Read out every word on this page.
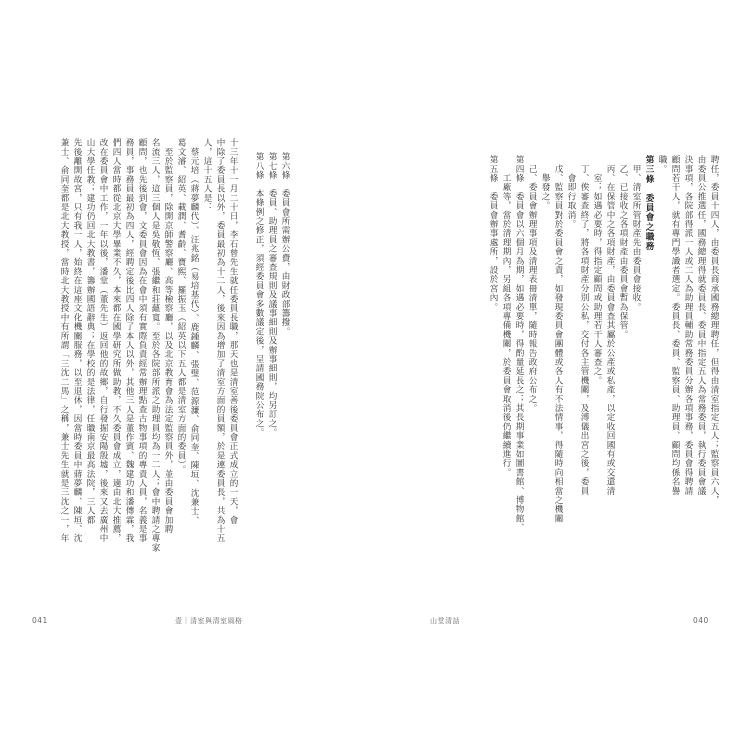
第六條　委員會所需辦公費，由財政部籌撥。
第七條　委員、助理員之審查規則及議事細則及辦事細則，均另訂之。
第八條　本條例之修正，須經委員會多數議定後，呈請國務院公布之。
十三年十一月二十日，李石曾先生就任委員長職，那天也是清室善後委員會正式成立的一天，會
中除了委員長以外，委員最初為十二人，後來因為增加了清室方面的員額，於是連委員長，共為十五
人，這十五人是：
　蔡元培（蔣夢麟代）、汪兆銘（易培基代）、鹿鍾麟、張璧、范源濂、俞同奎、陳垣、沈兼士、
葛文濬、紹英、載潤、耆齡、寶熙、羅振玉（紹英以下五人都是清室方面的委員）。
　至於監察員，除開京師警察廳、高等檢察廳，以及北京教育會為法定監察員外，並由委員會加聘
名流三人，這三個人是吳敬恆、張繼和莊蘊寬。至於各院部所派之助理員均為一二人；會中聘請之專家
顧問，也先後到會，文委員會因為在會中須有實際負責經常辦理點查古物事項的專責人員，名義是事
務員，事務員最初為四人，經聘定後比四人除了本人以外，其他三人是董作賓、魏建功和潘傳霖，我
們四人當時都從北京大學畢業不久，本來都在國學研究所做助教，不久委員會成立，適由北大推薦，
改在委員會中工作，一年以後，潘堂（董先生）返回他的故鄉，自行發掘安陽殷墟，後來又去廣州中
山大學任教；建功仍回北大教書，籌辦國語辭典；在學校的是法律，任職南京最高法院，三人都
先後離開故宮，只有我一人，始終在這座文化機關服務，以至退休，因當時委員中蔣夢麟、陳垣、沈
兼士、俞同奎都是北大教授，當時北大教授中有所謂「三沈二馬」之稱，兼士先生就是三沈之一，年
041	壹｜清室與清室風格
聘任，委員十四人，由委員長商承國務總理聘任，但得由清室指定五人；監察員六人，
由委員公推選任，國務總理得就委員長、委員中指定五人為常務委員，執行委員會議
決事項，各院部得派一人或二人為助理員輔助常務委員分辦各項事務，委員會得聘請
顧問若干人，就有專門學識者選定。委員長、委員、監察員、助理員、顧問均係名譽
職。
第三條　委員會之職務
　甲、清室所管財產先由委員會接收。
　乙、已接收之各項財產由委員會暫為保管。
　丙、在保管中之各項財產，由委員會查其屬於公產或私產，以定收回國有或交還清
　　室；如遇必要時，得指定顧問或助理若干人審查之。
　丁、俟審查終了，將各項財產分別公私，交付各主管機關，及溥儀出宮之後，委員
　　會即行取消。
　戊、監察員對於委員會之責，如發現委員會團體或各人有不法情事，得隨時向相當之機關
　　舉發之。
　己、委員會辦理事項及清理表冊清單，隨時報告政府公布之。
第四條　委員會以六個月為期，如遇必要時，得酌量延長之；其長期事業如圖書館、博物館、
　　工廠等，當於清理期內，另組各項專備機關，於委員會取消後仍繼續進行。
第五條　委員會辦事處所，設於宮內。
山堂清話	040
